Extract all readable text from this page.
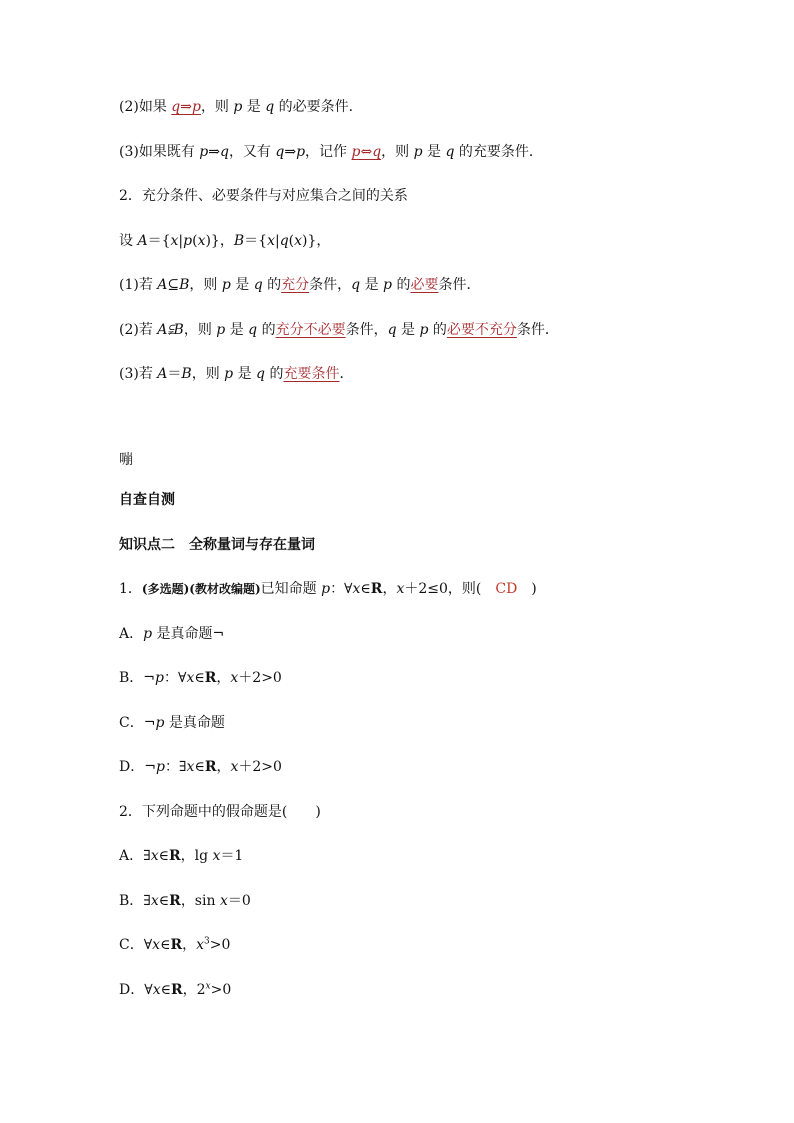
(2)如果 q⇒p，则 p 是 q 的必要条件．
(3)如果既有 p⇒q，又有 q⇒p，记作 p⇔q，则 p 是 q 的充要条件．
2．充分条件、必要条件与对应集合之间的关系
设 A＝{x|p(x)}，B＝{x|q(x)}，
(1)若 A⊆B，则 p 是 q 的充分条件，q 是 p 的必要条件．
(2)若 A⫋B，则 p 是 q 的充分不必要条件，q 是 p 的必要不充分条件．
(3)若 A＝B，则 p 是 q 的充要条件．
嘣
自查自测
知识点二　全称量词与存在量词
1．(多选题)(教材改编题)已知命题 p：∀x∈R，x＋2≤0，则(　CD　)
A．p 是真命题¬
B．¬p：∀x∈R，x＋2>0
C．¬p 是真命题
D．¬p：∃x∈R，x＋2>0
2．下列命题中的假命题是(　　)
A．∃x∈R，lg x＝1
B．∃x∈R，sin x＝0
C．∀x∈R，$x^3>0$
D．∀x∈R，$2^x>0$
